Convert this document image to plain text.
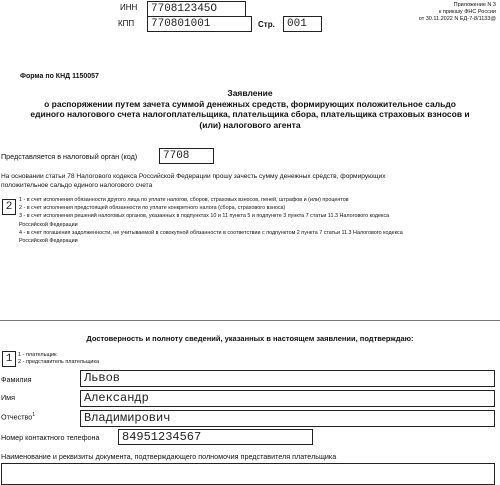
ИНН	770812345О
КПП	770801001	Стр.	001
Приложение N 3
к приказу ФНС России
от 30.11.2022 N ЕД-7-8/1133@
Форма по КНД 1150057
Заявление
о распоряжении путем зачета суммой денежных средств, формирующих положительное сальдо
единого налогового счета налогоплательщика, плательщика сбора, плательщика страховых взносов и
(или) налогового агента
Представляется в налоговый орган (код)	7708
На основании статьи 78 Налогового кодекса Российской Федерации прошу зачесть сумму денежных средств, формирующих
положительное сальдо единого налогового счета
2
1 - в счет исполнения обязанности другого лица по уплате налогов, сборов, страховых взносов, пеней, штрафов и (или) процентов
2 - в счет исполнения предстоящей обязанности по уплате конкретного налога (сбора, страхового взноса)
3 - в счет исполнения решений налоговых органов, указанных в подпунктах 10 и 11 пункта 5 и подпункте 3 пункта 7 статьи 11.3 Налогового кодекса
Российской Федерации
4 - в счет погашения задолженности, не учитываемой в совокупной обязанности в соответствии с подпунктом 2 пункта 7 статьи 11.3 Налогового кодекса
Российской Федерации
Достоверность и полноту сведений, указанных в настоящем заявлении, подтверждаю:
1	1 - плательщик
2 - представитель плательщика
Фамилия	Львов
Имя	Александр
Отчество$^1$	Владимирович
Номер контактного телефона	84951234567
Наименование и реквизиты документа, подтверждающего полномочия представителя плательщика
